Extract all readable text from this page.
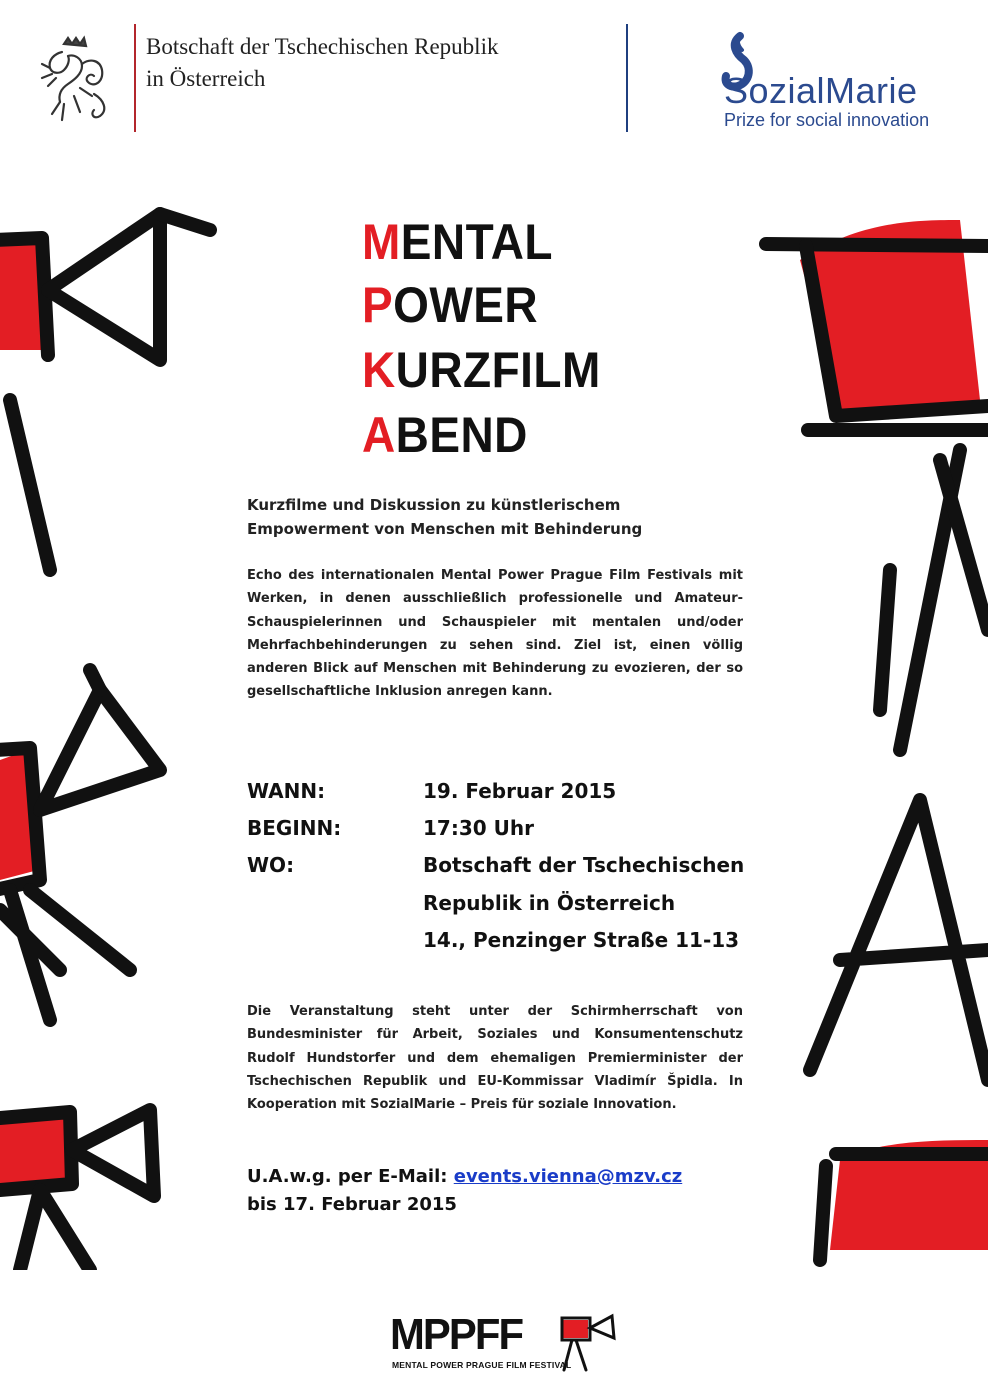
Botschaft der Tschechischen Republik
in Österreich	SozialMarie
Prize for social innovation
MENTAL
POWER
KURZFILM
ABEND
Kurzfilme und Diskussion zu künstlerischem Empowerment von Menschen mit Behinderung
Echo des internationalen Mental Power Prague Film Festivals mit Werken, in denen ausschließlich professionelle und Amateur-Schauspielerinnen und Schauspieler mit mentalen und/oder Mehrfachbehinderungen zu sehen sind. Ziel ist, einen völlig anderen Blick auf Menschen mit Behinderung zu evozieren, der so gesellschaftliche Inklusion anregen kann.
WANN:	19. Februar 2015
BEGINN:	17:30 Uhr
WO:	Botschaft der Tschechischen
Republik in Österreich
14., Penzinger Straße 11-13
Die Veranstaltung steht unter der Schirmherrschaft von Bundesminister für Arbeit, Soziales und Konsumentenschutz Rudolf Hundstorfer und dem ehemaligen Premierminister der Tschechischen Republik und EU-Kommissar Vladimír Špidla. In Kooperation mit SozialMarie – Preis für soziale Innovation.
U.A.w.g. per E-Mail: events.vienna@mzv.cz
bis 17. Februar 2015
MPPFF
MENTAL POWER PRAGUE FILM FESTIVAL
